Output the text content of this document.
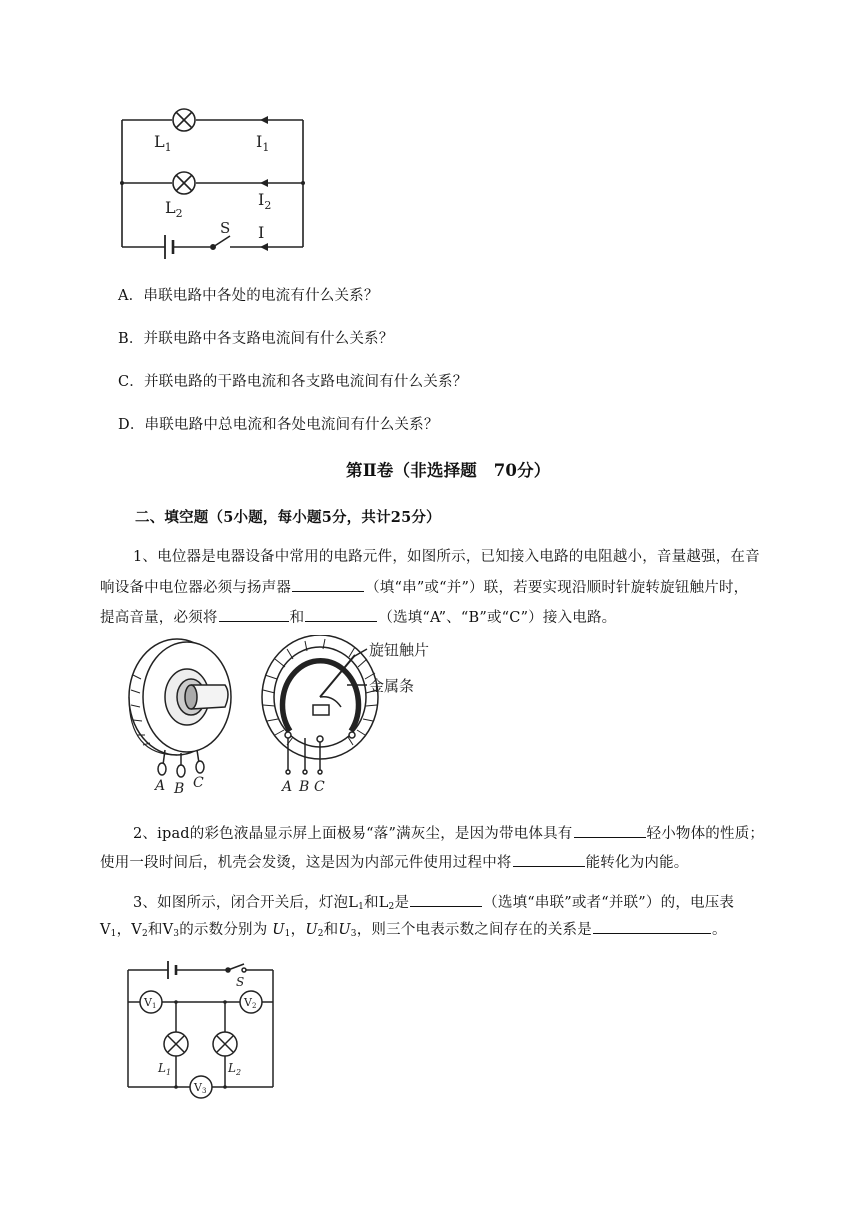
$L_1$	$I_1$
$L_2$
$I_2$
S I
A．串联电路中各处的电流有什么关系？
B．并联电路中各支路电流间有什么关系？
C．并联电路的干路电流和各支路电流间有什么关系？
D．串联电路中总电流和各处电流间有什么关系？
第Ⅱ卷（非选择题　70分）
二、填空题（5小题，每小题5分，共计25分）
1、电位器是电器设备中常用的电路元件，如图所示，已知接入电路的电阻越小，音量越强，在音
响设备中电位器必须与扬声器	（填“串”或“并”）联，若要实现沿顺时针旋转旋钮触片时，
提高音量，必须将	和	（选填“A”、“B”或“C”）接入电路。
旋钮触片
金属条
A B C	A B C
2、ipad的彩色液晶显示屏上面极易“落”满灰尘，是因为带电体具有	轻小物体的性质；
使用一段时间后，机壳会发烫，这是因为内部元件使用过程中将	能转化为内能。
3、如图所示，闭合开关后，灯泡$L_1$和$L_2$是	（选填“串联”或者“并联”）的，电压表
$V_1$，$V_2$和$V_3$的示数分别为 $U_1$，$U_2$和$U_3$，则三个电表示数之间存在的关系是	。
S
V1	V2
V3
$L_1$	$L_2$
